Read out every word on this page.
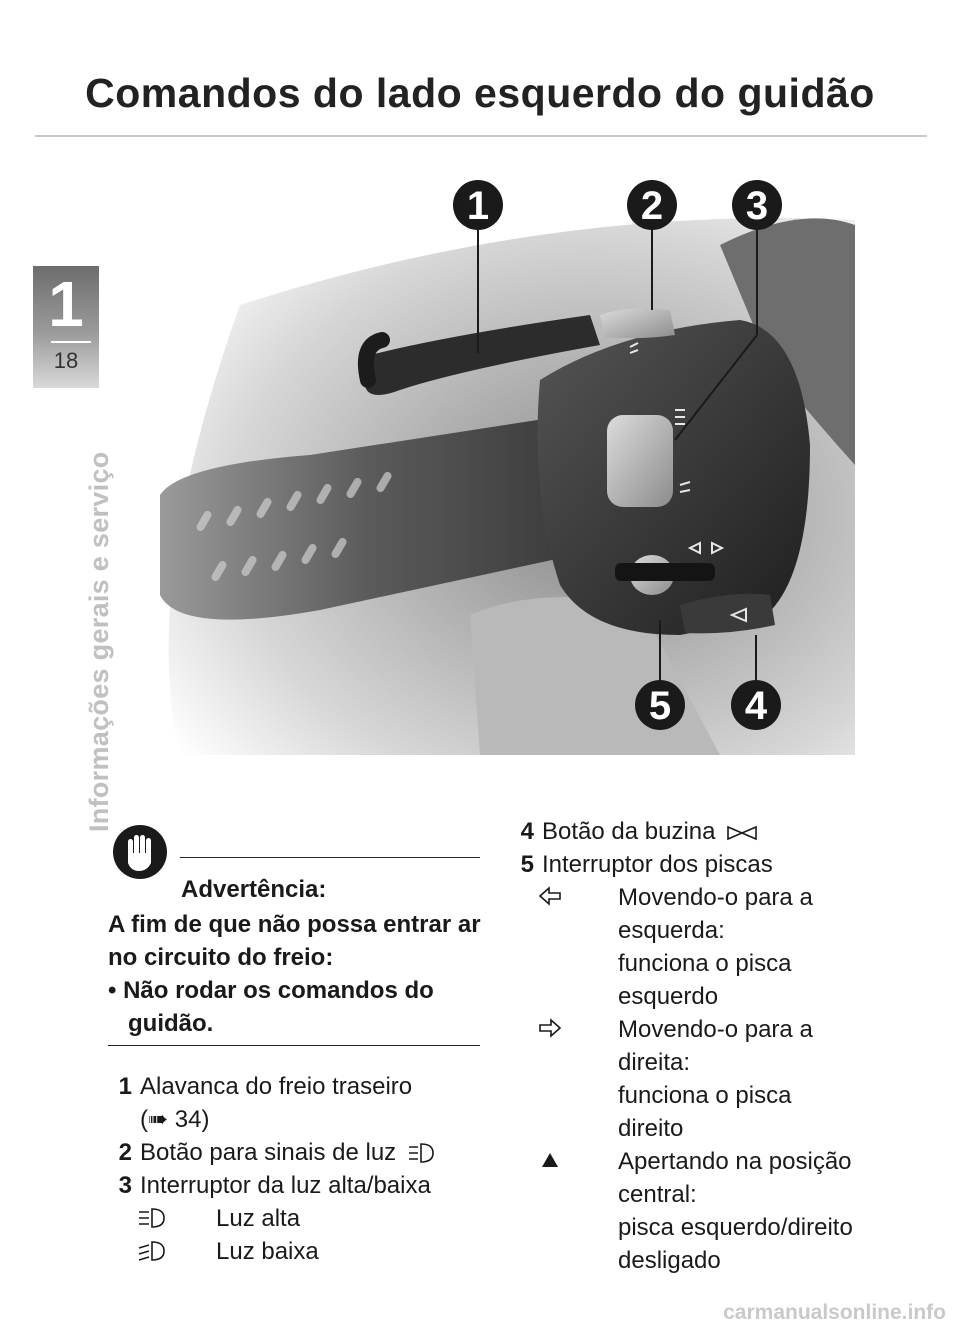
Comandos do lado esquerdo do guidão
1
18
Informações gerais e serviço
1	2 3
5 4
Advertência:
A fim de que não possa entrar ar no circuito do freio:
• Não rodar os comandos do guidão.
1 Alavanca do freio traseiro
(➠ 34)
2 Botão para sinais de luz
3 Interruptor da luz alta/baixa
Luz alta
Luz baixa
4 Botão da buzina
5 Interruptor dos piscas
Movendo-o para a
esquerda:
funciona o pisca
esquerdo
Movendo-o para a
direita:
funciona o pisca
direito
Apertando na posição
central:
pisca esquerdo/direito
desligado
carmanualsonline.info
